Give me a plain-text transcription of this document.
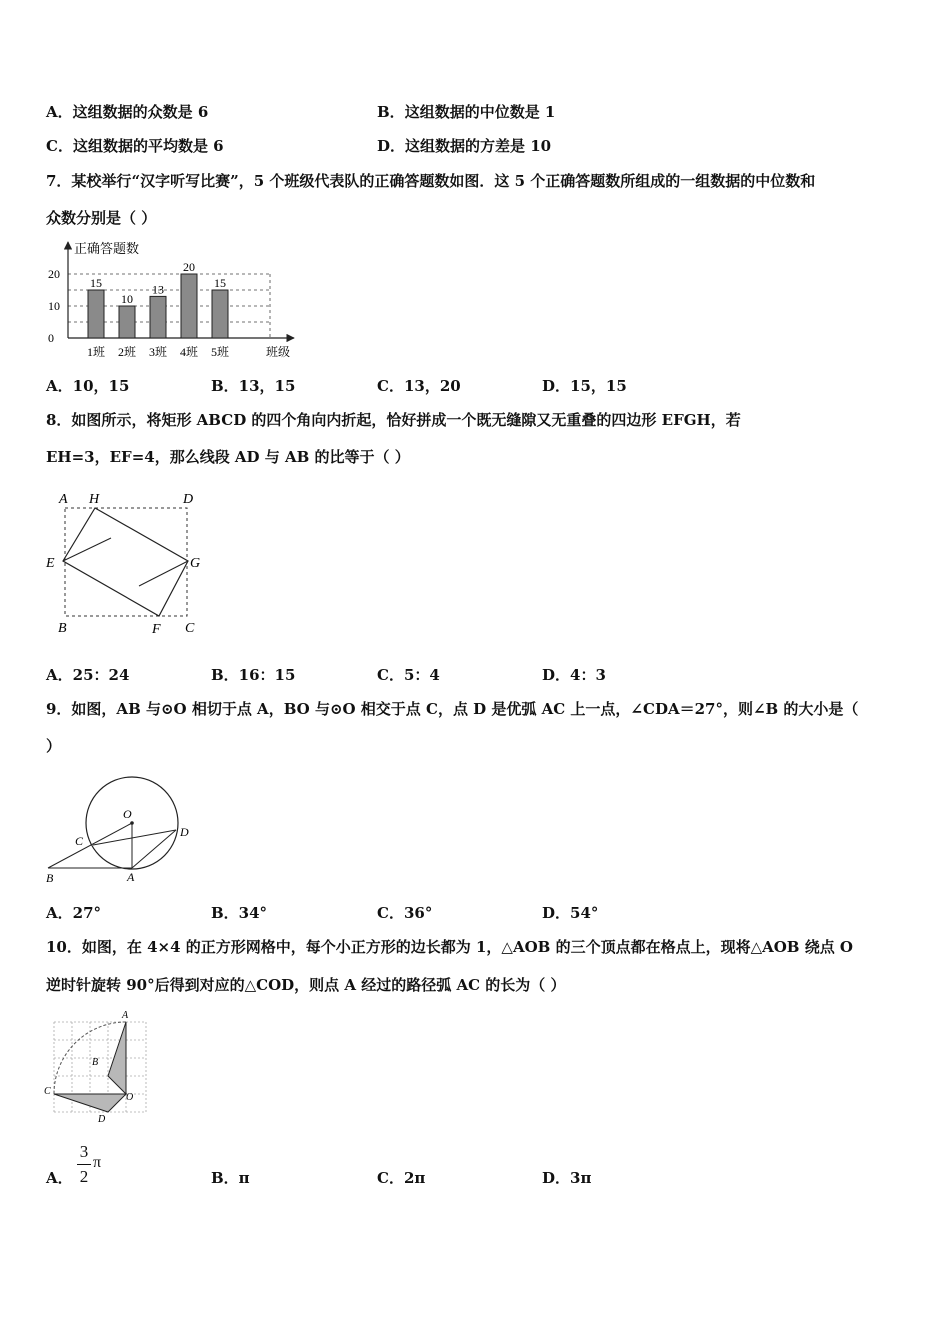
A．这组数据的众数是 6	B．这组数据的中位数是 1
C．这组数据的平均数是 6	D．这组数据的方差是 10
7．某校举行“汉字听写比赛”，5 个班级代表队的正确答题数如图．这 5 个正确答题数所组成的一组数据的中位数和
众数分别是（ ）
0
10
20
正确答题数
班级
15
1班
10
2班
13
3班
20
4班
15
5班
A．10，15	B．13，15	C．13，20	D．15，15
8．如图所示，将矩形 ABCD 的四个角向内折起，恰好拼成一个既无缝隙又无重叠的四边形 EFGH，若
EH=3，EF=4，那么线段 AD 与 AB 的比等于（ ）
A H	D
E	G
B	F C
A．25：24	B．16：15	C．5：4	D．4：3
9．如图，AB 与⊙O 相切于点 A，BO 与⊙O 相交于点 C，点 D 是优弧 AC 上一点，∠CDA＝27°，则∠B 的大小是（
）
O
C
D
B	A
A．27°	B．34°	C．36°	D．54°
10．如图，在 4×4 的正方形网格中，每个小正方形的边长都为 1，△AOB 的三个顶点都在格点上，现将△AOB 绕点 O
逆时针旋转 90°后得到对应的△COD，则点 A 经过的路径弧 AC 的长为（ ）
A
B
C
O
D
A．
3
2
π
B．π	C．2π	D．3π
